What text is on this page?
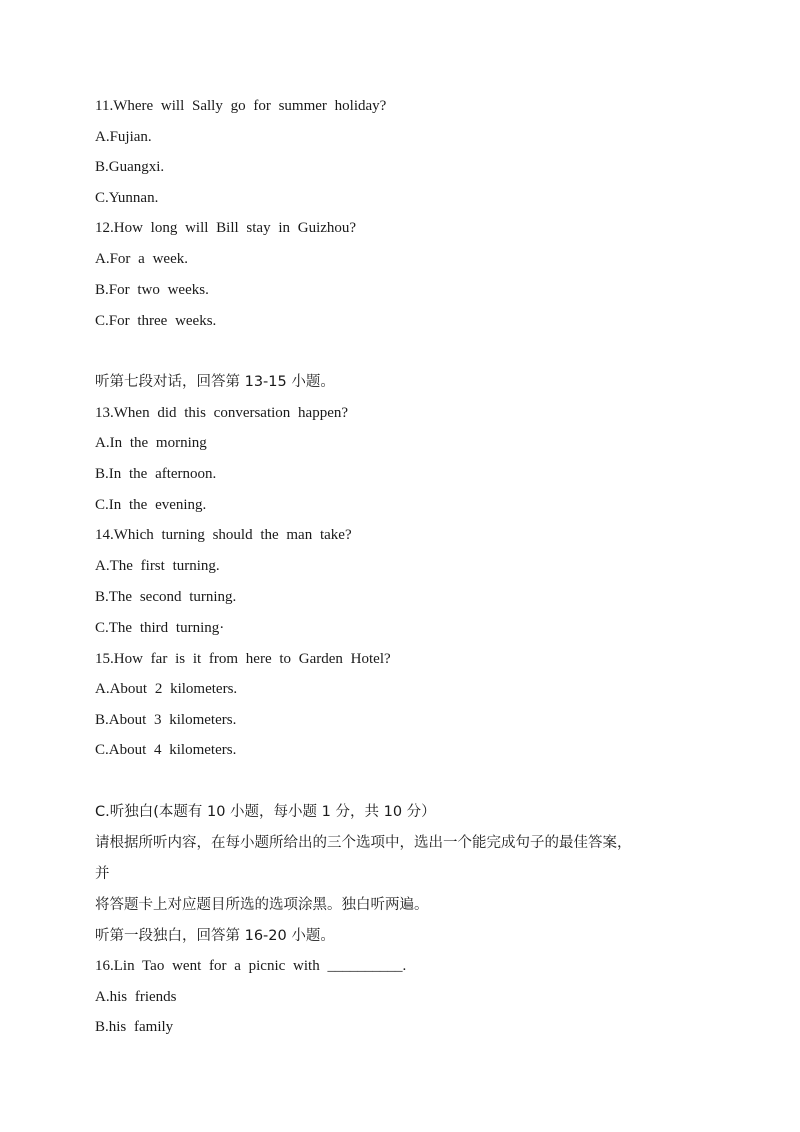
11.Where will Sally go for summer holiday?
A.Fujian.
B.Guangxi.
C.Yunnan.
12.How long will Bill stay in Guizhou?
A.For a week.
B.For two weeks.
C.For three weeks.
听第七段对话，回答第 13-15 小题。
13.When did this conversation happen?
A.In the morning
B.In the afternoon.
C.In the evening.
14.Which turning should the man take?
A.The first turning.
B.The second turning.
C.The third turning·
15.How far is it from here to Garden Hotel?
A.About 2 kilometers.
B.About 3 kilometers.
C.About 4 kilometers.
C.听独白(本题有 10 小题，每小题 1 分，共 10 分）
请根据所听内容，在每小题所给出的三个选项中，选出一个能完成句子的最佳答案，
并
将答题卡上对应题目所选的选项涂黑。独白听两遍。
听第一段独白，回答第 16-20 小题。
16.Lin Tao went for a picnic with __________.
A.his friends
B.his family
